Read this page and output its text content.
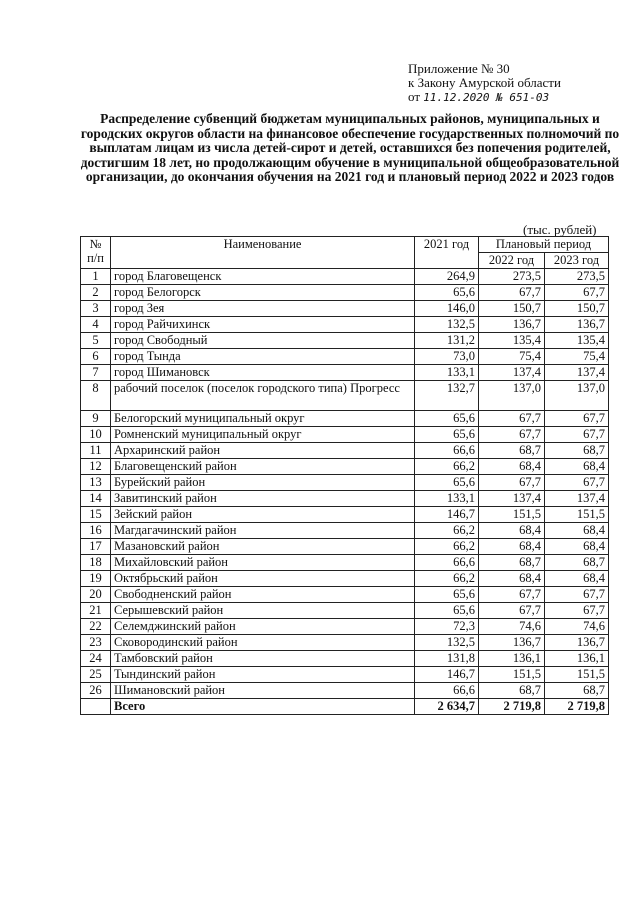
Приложение № 30
к Закону Амурской области
от 11.12.2020 № 651-03
Распределение субвенций бюджетам муниципальных районов, муниципальных и городских округов области на финансовое обеспечение государственных полномочий по выплатам лицам из числа детей-сирот и детей, оставшихся без попечения родителей, достигшим 18 лет, но продолжающим обучение в муниципальной общеобразовательной организации, до окончания обучения на 2021 год и плановый период 2022 и 2023 годов
(тыс. рублей)
№ п/п	Наименование	2021 год	Плановый период	
			2022 год	2023 год
1	город Благовещенск	264,9	273,5	273,5
2	город Белогорск	65,6	67,7	67,7
3	город Зея	146,0	150,7	150,7
4	город Райчихинск	132,5	136,7	136,7
5	город Свободный	131,2	135,4	135,4
6	город Тында	73,0	75,4	75,4
7	город Шимановск	133,1	137,4	137,4
8	рабочий поселок (поселок городского типа) Прогресс	132,7	137,0	137,0
9	Белогорский муниципальный округ	65,6	67,7	67,7
10	Ромненский муниципальный округ	65,6	67,7	67,7
11	Архаринский район	66,6	68,7	68,7
12	Благовещенский район	66,2	68,4	68,4
13	Бурейский район	65,6	67,7	67,7
14	Завитинский район	133,1	137,4	137,4
15	Зейский район	146,7	151,5	151,5
16	Магдагачинский район	66,2	68,4	68,4
17	Мазановский район	66,2	68,4	68,4
18	Михайловский район	66,6	68,7	68,7
19	Октябрьский район	66,2	68,4	68,4
20	Свободненский район	65,6	67,7	67,7
21	Серышевский район	65,6	67,7	67,7
22	Селемджинский район	72,3	74,6	74,6
23	Сковородинский район	132,5	136,7	136,7
24	Тамбовский район	131,8	136,1	136,1
25	Тындинский район	146,7	151,5	151,5
26	Шимановский район	66,6	68,7	68,7
	Всего	2 634,7	2 719,8	2 719,8
